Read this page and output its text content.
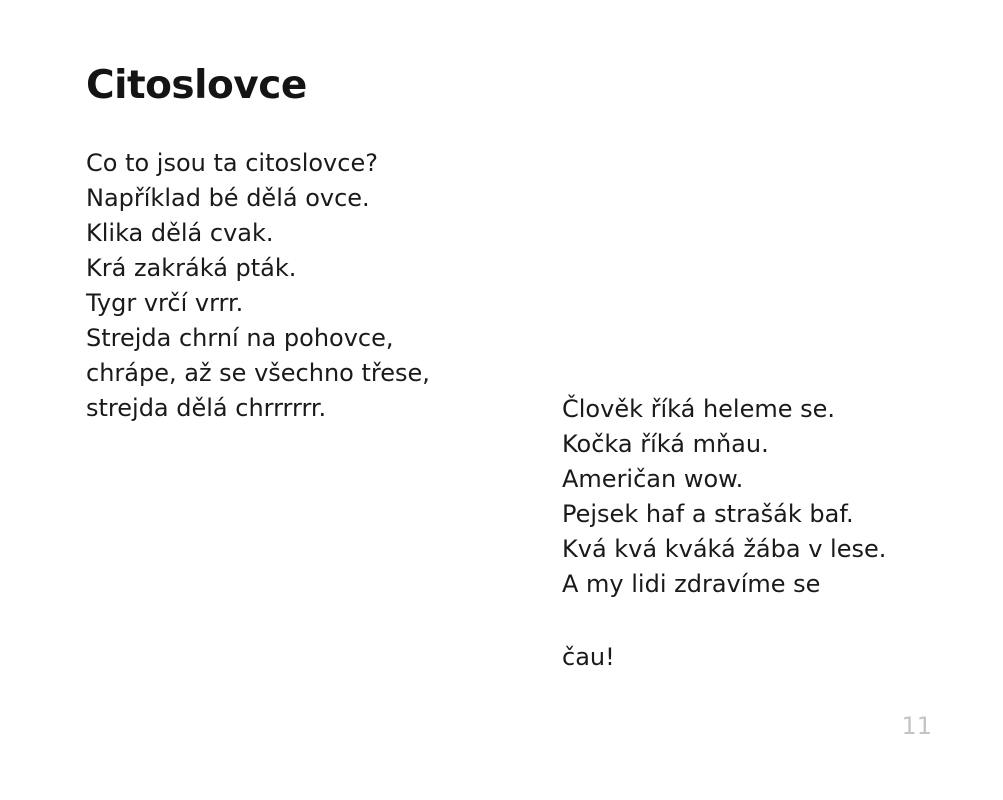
Citoslovce
Co to jsou ta citoslovce?
Například bé dělá ovce.
Klika dělá cvak.
Krá zakráká pták.
Tygr vrčí vrrr.
Strejda chrní na pohovce,
chrápe, až se všechno třese,
strejda dělá chrrrrrr.	Člověk říká heleme se.
Kočka říká mňau.
Američan wow.
Pejsek haf a strašák baf.
Kvá kvá kváká žába v lese.
A my lidi zdravíme se
čau!
11
